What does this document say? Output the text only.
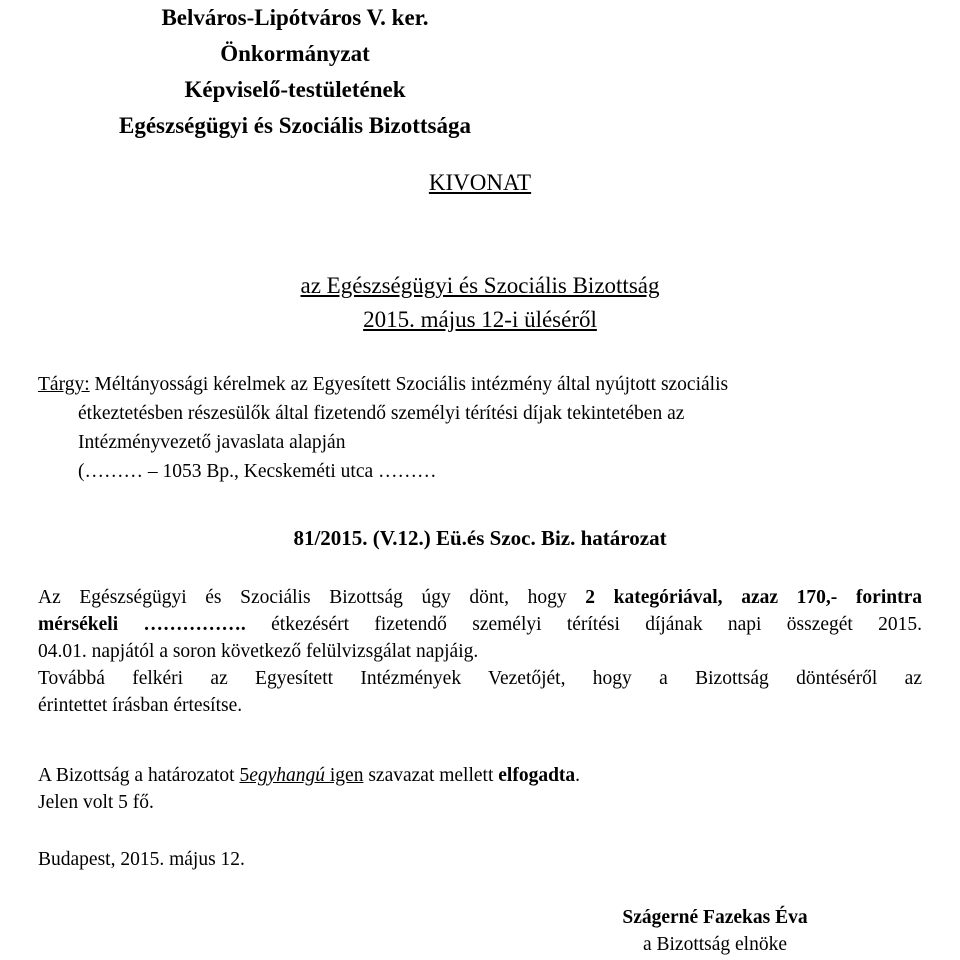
Belváros-Lipótváros V. ker.
Önkormányzat
Képviselő-testületének
Egészségügyi és Szociális Bizottsága
KIVONAT
az Egészségügyi és Szociális Bizottság
2015. május 12-i üléséről
Tárgy: Méltányossági kérelmek az Egyesített Szociális intézmény által nyújtott szociális
étkeztetésben részesülők által fizetendő személyi térítési díjak tekintetében az
Intézményvezető javaslata alapján
(……… – 1053 Bp., Kecskeméti utca ………
81/2015. (V.12.) Eü.és Szoc. Biz. határozat

Az Egészségügyi és Szociális Bizottság úgy dönt, hogy 2 kategóriával, azaz 170,- forintra

mérsékeli ……………. étkezésért fizetendő személyi térítési díjának napi összegét 2015.

04.01. napjától a soron következő felülvizsgálat napjáig.

Továbbá felkéri az Egyesített Intézmények Vezetőjét, hogy a Bizottság döntéséről az

érintettet írásban értesítse.

A Bizottság a határozatot 5egyhangú igen szavazat mellett elfogadta.

Jelen volt 5 fő.

Budapest, 2015. május 12.
Szágerné Fazekas Éva
a Bizottság elnöke
